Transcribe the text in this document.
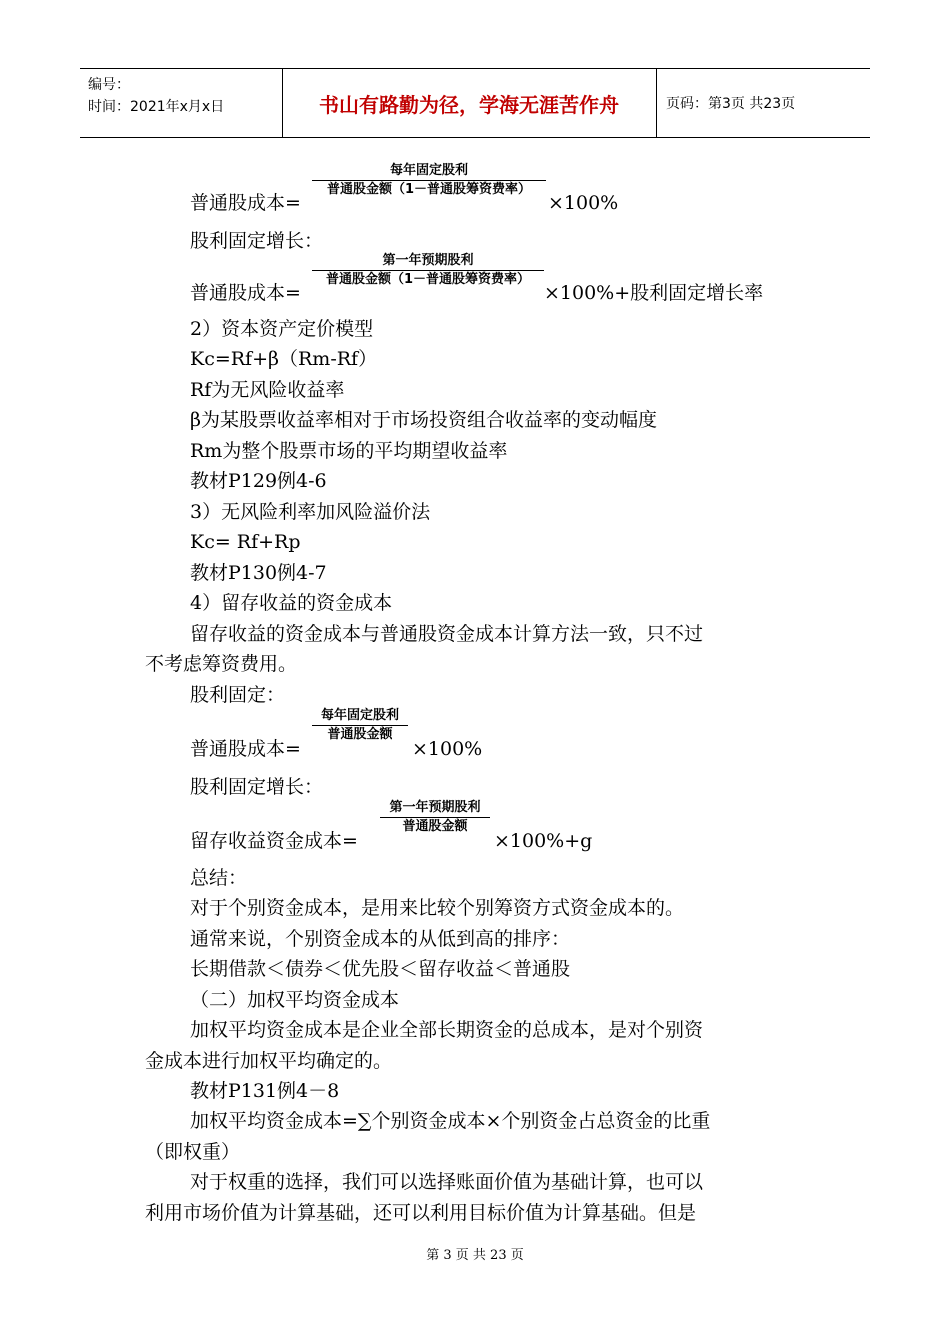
编号：
时间：2021年x月x日	书山有路勤为径，学海无涯苦作舟	页码：第3页 共23页
普通股成本=
每年固定股利
普通股金额（1－普通股筹资费率）
×100%
股利固定增长：
普通股成本=
第一年预期股利
普通股金额（1－普通股筹资费率）
×100%+股利固定增长率
2）资本资产定价模型
Kc=Rf+β（Rm-Rf）
Rf为无风险收益率
β为某股票收益率相对于市场投资组合收益率的变动幅度
Rm为整个股票市场的平均期望收益率
教材P129例4-6
3）无风险利率加风险溢价法
Kc= Rf+Rp
教材P130例4-7
4）留存收益的资金成本
留存收益的资金成本与普通股资金成本计算方法一致，只不过
不考虑筹资费用。
股利固定：
普通股成本=
每年固定股利
普通股金额
×100%
股利固定增长：
留存收益资金成本=
第一年预期股利
普通股金额
×100%+g
总结：
对于个别资金成本，是用来比较个别筹资方式资金成本的。
通常来说，个别资金成本的从低到高的排序：
长期借款＜债券＜优先股＜留存收益＜普通股
（二）加权平均资金成本
加权平均资金成本是企业全部长期资金的总成本，是对个别资
金成本进行加权平均确定的。
教材P131例4－8
加权平均资金成本=∑个别资金成本×个别资金占总资金的比重
（即权重）
对于权重的选择，我们可以选择账面价值为基础计算，也可以
利用市场价值为计算基础，还可以利用目标价值为计算基础。但是
第 3 页 共 23 页
